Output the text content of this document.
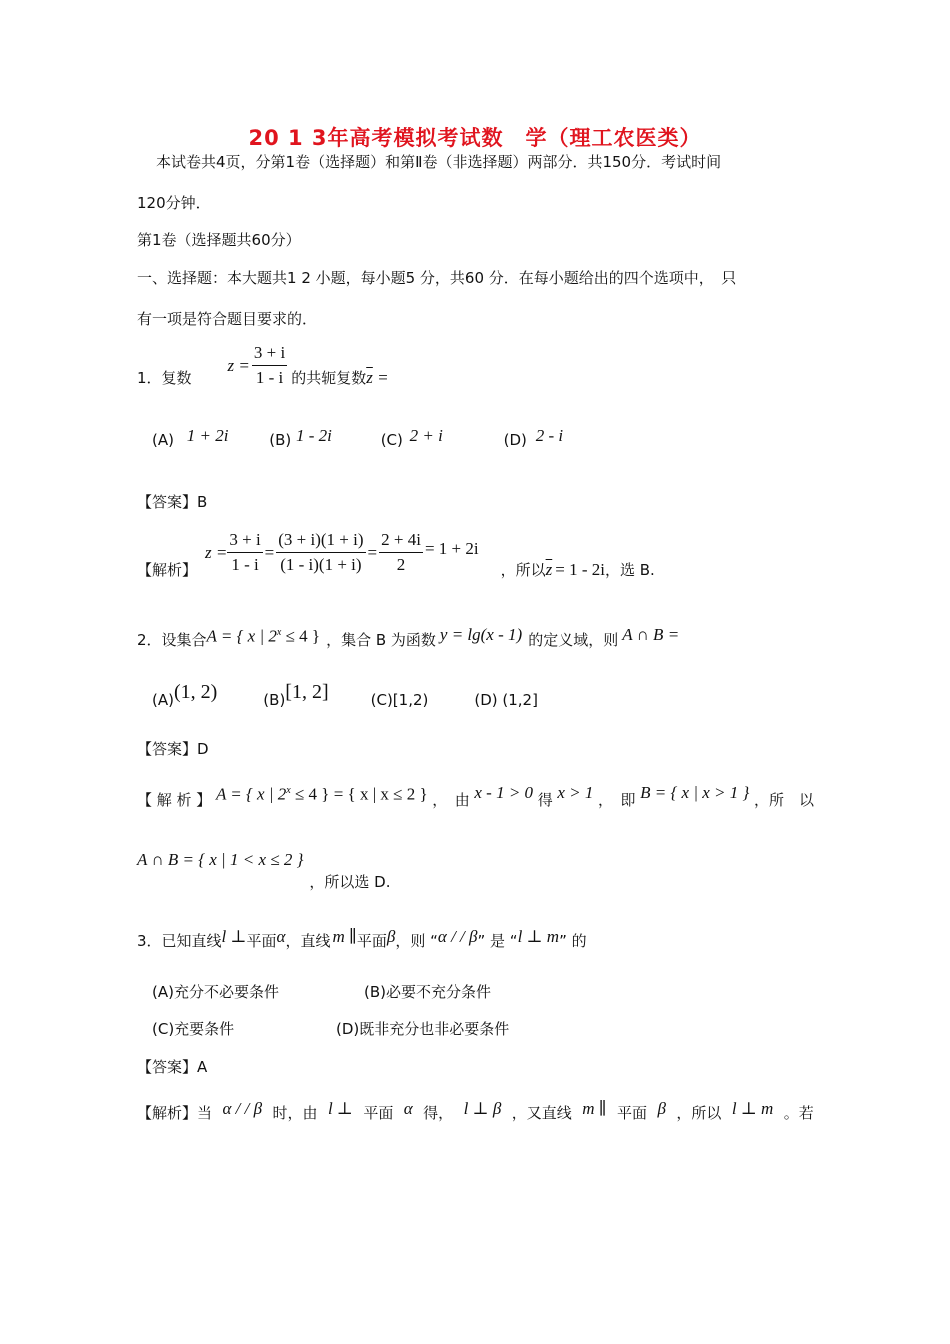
20 1 3年高考模拟考试数　学（理工农医类）
本试卷共4页，分第1卷（选择题）和第Ⅱ卷（非选择题）两部分．共150分．考试时间
120分钟．
第1卷（选择题共60分）
一、选择题：本大题共1 2 小题，每小题5 分，共60 分．在每小题给出的四个选项中，　只
有一项是符合题目要求的．
1．复数
$z = \frac{3 + i}{1 - i}$ 的共轭复数 $\overline{z}$ =
(A) 1 + 2i	(B) 1 - 2i	(C) 2 + i	(D) 2 - i
【答案】B
【解析】
$z = \frac{3 + i}{1 - i} = \frac{(3 + i)(1 + i)}{(1 - i)(1 + i)} = \frac{2 + 4i}{2} = 1 + 2i$
，所以 $\overline{z} = 1 - 2i$ ，选 B.
2．设集合 A = { x | $2^x \le 4$ } ，集合 B 为函数 y = lg(x - 1) 的定义域，则 A ∩ B =
(A) (1, 2)	(B) [1, 2]	(C)[1,2)	(D) (1,2]
【答案】D
【 解 析 】 A = { x | $2^x \le 4$ } = { x | x ≤ 2 } ，　由 x - 1 > 0 得 x > 1 ，　即 B = { x | x > 1 } ，所　以
A ∩ B = { x | 1 < x ≤ 2 }
，所以选 D.
3．已知直线 l ⊥ 平面 α ，直线 m ∥ 平面 β ，则 “ α / / β ” 是 “ l ⊥ m ” 的
(A)充分不必要条件	(B)必要不充分条件
(C)充要条件	(D)既非充分也非必要条件
【答案】A
【解析】当 α / / β 时，由 l ⊥ 平面 α 得， l ⊥ β ，又直线 m ∥ 平面 β ，所以 l ⊥ m 。若
